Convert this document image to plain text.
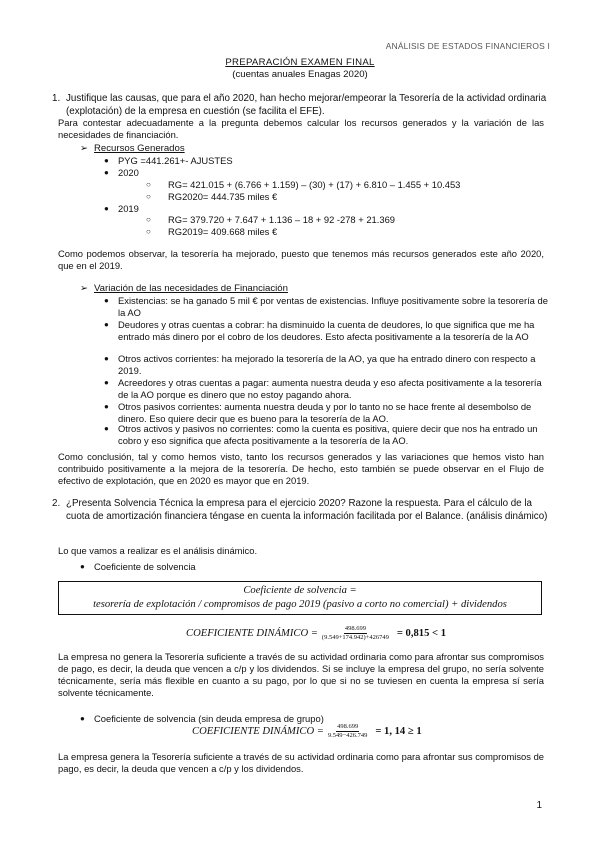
ANÁLISIS DE ESTADOS FINANCIEROS I
PREPARACIÓN EXAMEN FINAL
(cuentas anuales Enagas 2020)
1. Justifique las causas, que para el año 2020, han hecho mejorar/empeorar la Tesorería de la actividad ordinaria (explotación) de la empresa en cuestión (se facilita el EFE).
Para contestar adecuadamente a la pregunta debemos calcular los recursos generados y la variación de las necesidades de financiación.
➢ Recursos Generados
● PYG =441.261+- AJUSTES
● 2020
○ RG= 421.015 + (6.766 + 1.159) – (30) + (17) + 6.810 – 1.455 + 10.453
○ RG2020= 444.735 miles €
● 2019
○ RG= 379.720 + 7.647 + 1.136 – 18 + 92 -278 + 21.369
○ RG2019= 409.668 miles €
Como podemos observar, la tesorería ha mejorado, puesto que tenemos más recursos generados este año 2020, que en el 2019.
➢ Variación de las necesidades de Financiación
● Existencias: se ha ganado 5 mil € por ventas de existencias. Influye positivamente sobre la tesorería de la AO
● Deudores y otras cuentas a cobrar: ha disminuido la cuenta de deudores, lo que significa que me ha entrado más dinero por el cobro de los deudores. Esto afecta positivamente a la tesorería de la AO
● Otros activos corrientes: ha mejorado la tesorería de la AO, ya que ha entrado dinero con respecto a 2019.
● Acreedores y otras cuentas a pagar: aumenta nuestra deuda y eso afecta positivamente a la tesorería de la AO porque es dinero que no estoy pagando ahora.
● Otros pasivos corrientes: aumenta nuestra deuda y por lo tanto no se hace frente al desembolso de dinero. Eso quiere decir que es bueno para la tesorería de la AO.
● Otros activos y pasivos no corrientes: como la cuenta es positiva, quiere decir que nos ha entrado un cobro y eso significa que afecta positivamente a la tesorería de la AO.
Como conclusión, tal y como hemos visto, tanto los recursos generados y las variaciones que hemos visto han contribuido positivamente a la mejora de la tesorería. De hecho, esto también se puede observar en el Flujo de efectivo de explotación, que en 2020 es mayor que en 2019.
2. ¿Presenta Solvencia Técnica la empresa para el ejercicio 2020? Razone la respuesta. Para el cálculo de la cuota de amortización financiera téngase en cuenta la información facilitada por el Balance. (análisis dinámico)
Lo que vamos a realizar es el análisis dinámico.
● Coeficiente de solvencia
Coeficiente de solvencia =
tesorería de explotación / compromisos de pago 2019 (pasivo a corto no comercial) + dividendos
COEFICIENTE DINÁMICO = $\frac{498.699}{(9.549+174.942)+426749} = 0,815 < 1$
La empresa no genera la Tesorería suficiente a través de su actividad ordinaria como para afrontar sus compromisos de pago, es decir, la deuda que vencen a c/p y los dividendos. Si se incluye la empresa del grupo, no sería solvente técnicamente, sería más flexible en cuanto a su pago, por lo que si no se tuviesen en cuenta la empresa sí sería solvente técnicamente.
● Coeficiente de solvencia (sin deuda empresa de grupo)
COEFICIENTE DINÁMICO = $\frac{498.699}{9.549-426.749} = 1$, 14 ≥ 1
La empresa genera la Tesorería suficiente a través de su actividad ordinaria como para afrontar sus compromisos de pago, es decir, la deuda que vencen a c/p y los dividendos.
1
